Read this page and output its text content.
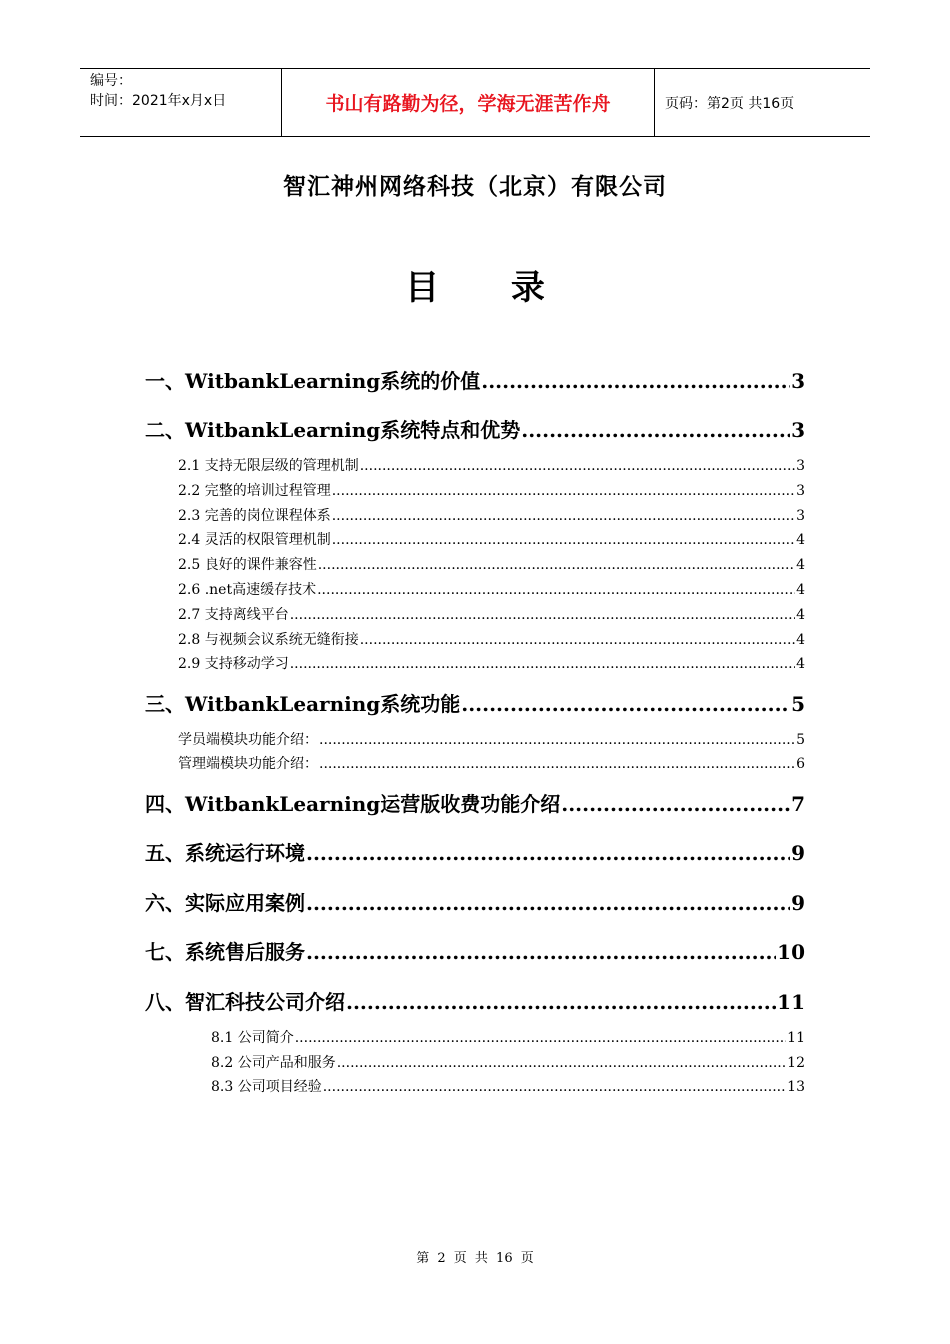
编号：
时间：2021年x月x日	书山有路勤为径，学海无涯苦作舟	页码：第2页 共16页
智汇神州网络科技（北京）有限公司
目 录
一、WitbankLearning系统的价值 .....	3
二、WitbankLearning系统特点和优势 .....	3
2.1 支持无限层级的管理机制 .....	3
2.2 完整的培训过程管理 .....	3
2.3 完善的岗位课程体系 .....	3
2.4 灵活的权限管理机制 .....	4
2.5 良好的课件兼容性 .....	4
2.6 .net高速缓存技术 .....	4
2.7 支持离线平台 .....	4
2.8 与视频会议系统无缝衔接 .....	4
2.9 支持移动学习 .....	4
三、WitbankLearning系统功能 .....	5
学员端模块功能介绍： .....	5
管理端模块功能介绍： .....	6
四、WitbankLearning运营版收费功能介绍 .....	7
五、系统运行环境 .....	9
六、实际应用案例 .....	9
七、系统售后服务 .....	10
八、智汇科技公司介绍 .....	11
8.1 公司简介 .....	11
8.2 公司产品和服务 .....	12
8.3 公司项目经验 .....	13
第 2 页 共 16 页
